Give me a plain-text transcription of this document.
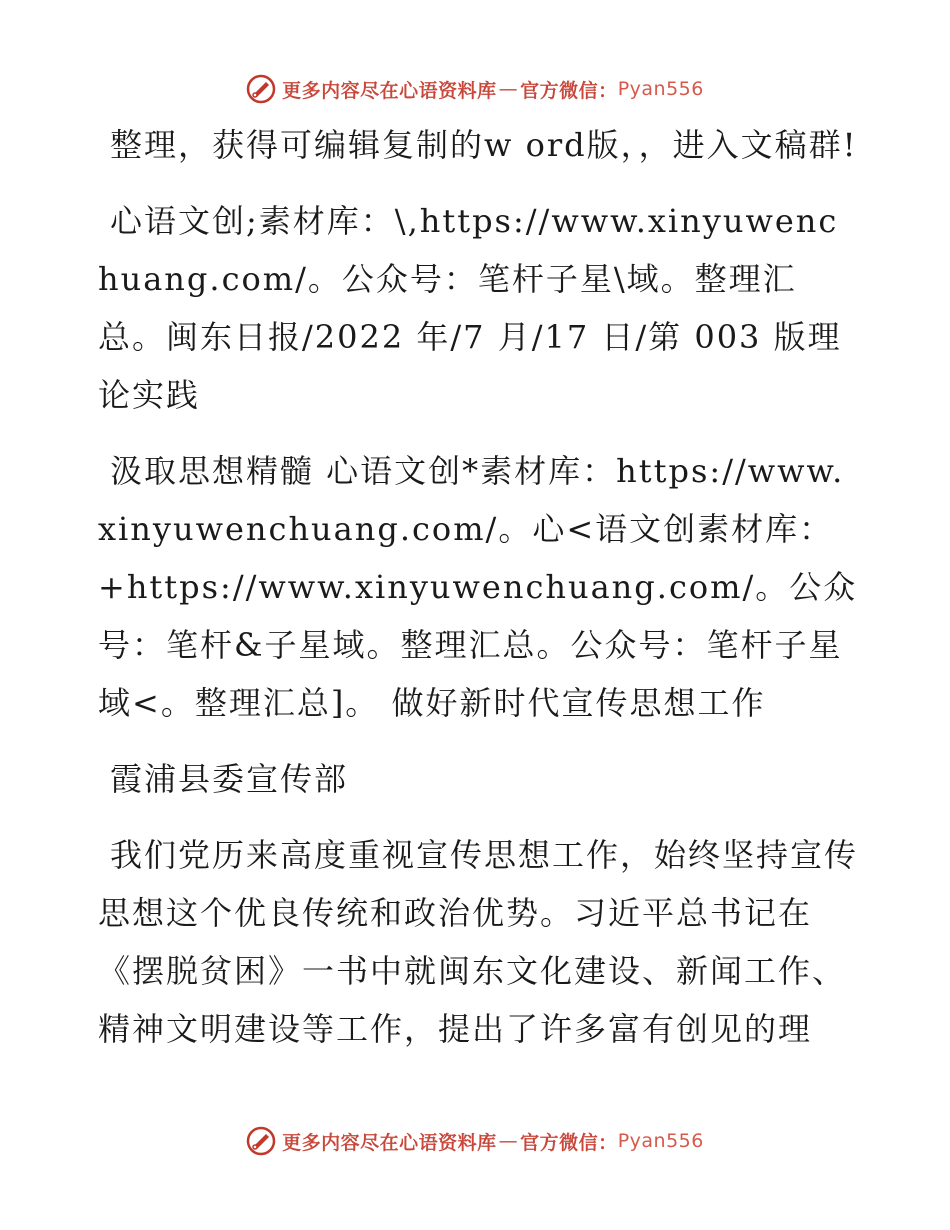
更多内容尽在心语资料库 — 官方微信： Pyan556

整理，获得可编辑复制的w ord版，，进入文稿群!

心语文创;素材库：\,https://www.xinyuwenchuang.com/。公众号：笔杆子星\域。整理汇总。闽东日报/2022 年/7 月/17 日/第 003 版理论实践

汲取思想精髓 心语文创*素材库：https://www.xinyuwenchuang.com/。心<语文创素材库：+https://www.xinyuwenchuang.com/。公众号：笔杆&子星域。整理汇总。公众号：笔杆子星域<。整理汇总]。 做好新时代宣传思想工作

霞浦县委宣传部

我们党历来高度重视宣传思想工作，始终坚持宣传思想这个优良传统和政治优势。习近平总书记在《摆脱贫困》一书中就闽东文化建设、新闻工作、精神文明建设等工作，提出了许多富有创见的理

更多内容尽在心语资料库 — 官方微信： Pyan556
